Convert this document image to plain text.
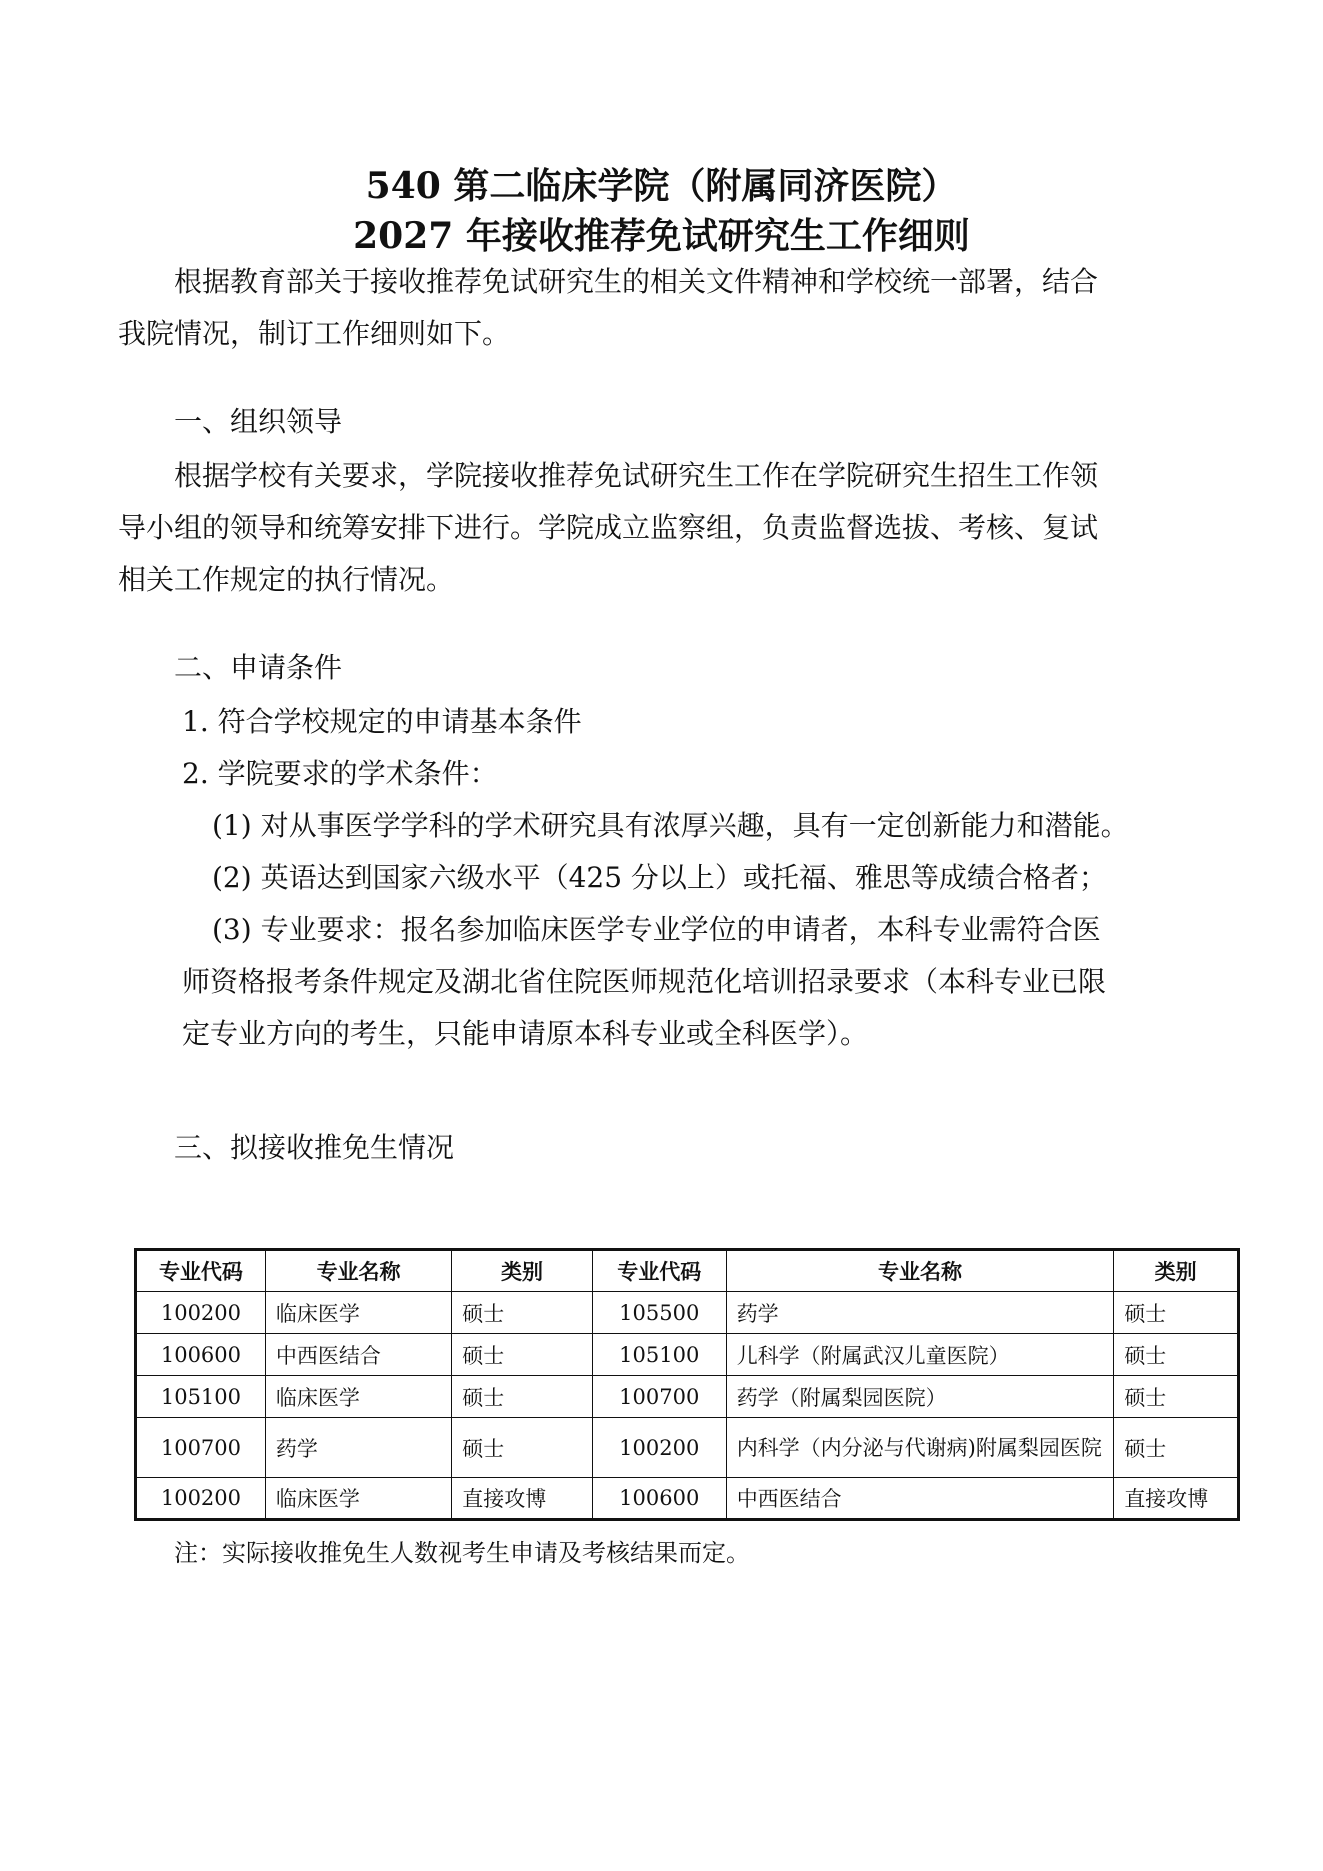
540 第二临床学院（附属同济医院）
2027 年接收推荐免试研究生工作细则
根据教育部关于接收推荐免试研究生的相关文件精神和学校统一部署，结合
我院情况，制订工作细则如下。
一、组织领导
根据学校有关要求，学院接收推荐免试研究生工作在学院研究生招生工作领
导小组的领导和统筹安排下进行。学院成立监察组，负责监督选拔、考核、复试
相关工作规定的执行情况。
二、申请条件
1. 符合学校规定的申请基本条件
2. 学院要求的学术条件：
(1) 对从事医学学科的学术研究具有浓厚兴趣，具有一定创新能力和潜能。
(2) 英语达到国家六级水平（425 分以上）或托福、雅思等成绩合格者；
(3) 专业要求：报名参加临床医学专业学位的申请者，本科专业需符合医
师资格报考条件规定及湖北省住院医师规范化培训招录要求（本科专业已限
定专业方向的考生，只能申请原本科专业或全科医学）。
三、拟接收推免生情况
专业代码	专业名称	类别	专业代码	专业名称	类别
100200	临床医学	硕士	105500	药学	硕士
100600	中西医结合	硕士	105100	儿科学（附属武汉儿童医院）	硕士
105100	临床医学	硕士	100700	药学（附属梨园医院）	硕士
100700	药学	硕士	100200	内科学（内分泌与代谢病)附属梨园医院	硕士
100200	临床医学	直接攻博	100600	中西医结合	直接攻博
注：实际接收推免生人数视考生申请及考核结果而定。
